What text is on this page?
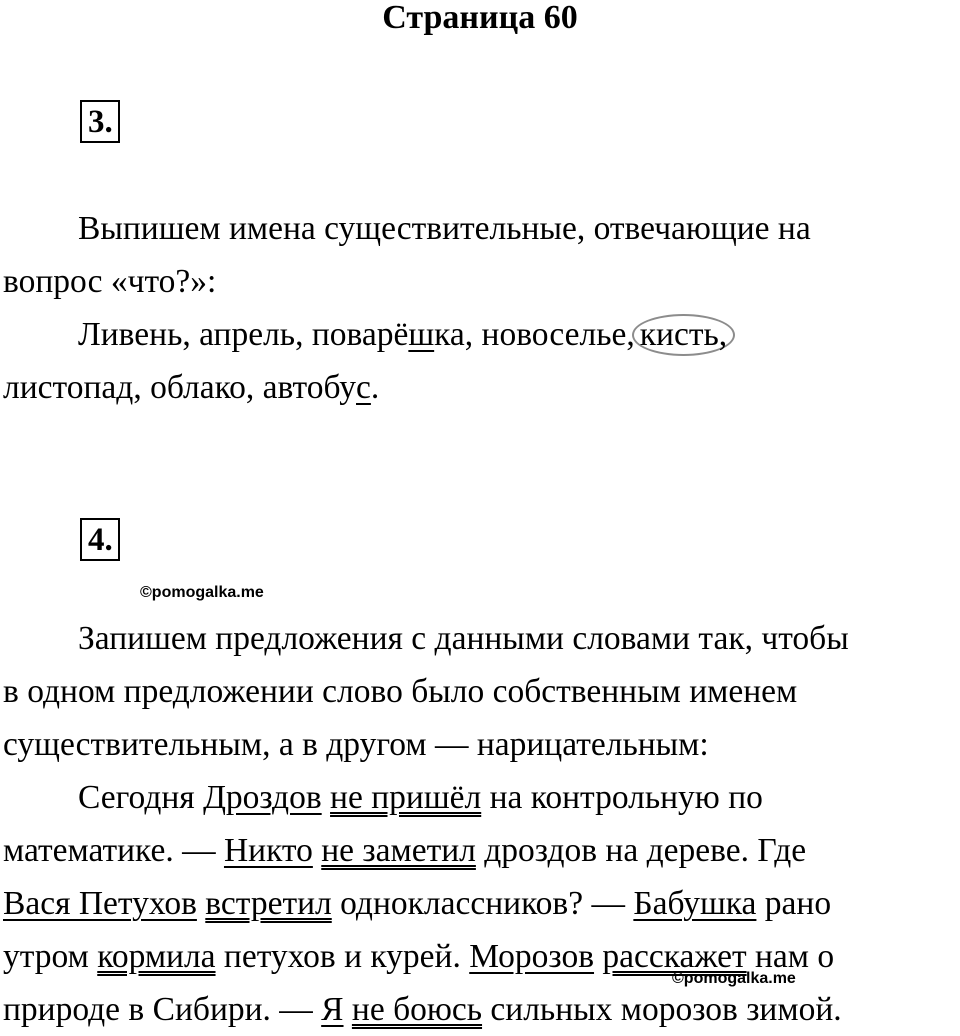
Страница 60
3.
Выпишем имена существительные, отвечающие на
вопрос «что?»:
Ливень, апрель, поварёшка, новоселье, кисть,
листопад, облако, автобус.
4.
©pomogalka.me
Запишем предложения с данными словами так, чтобы
в одном предложении слово было собственным именем
существительным, а в другом — нарицательным:
Сегодня Дроздов не пришёл на контрольную по
математике. — Никто не заметил дроздов на дереве. Где
Вася Петухов встретил одноклассников? — Бабушка рано
утром кормила петухов и курей. Морозов расскажет нам о
природе в Сибири. — Я не боюсь сильных морозов зимой.
©pomogalka.me
